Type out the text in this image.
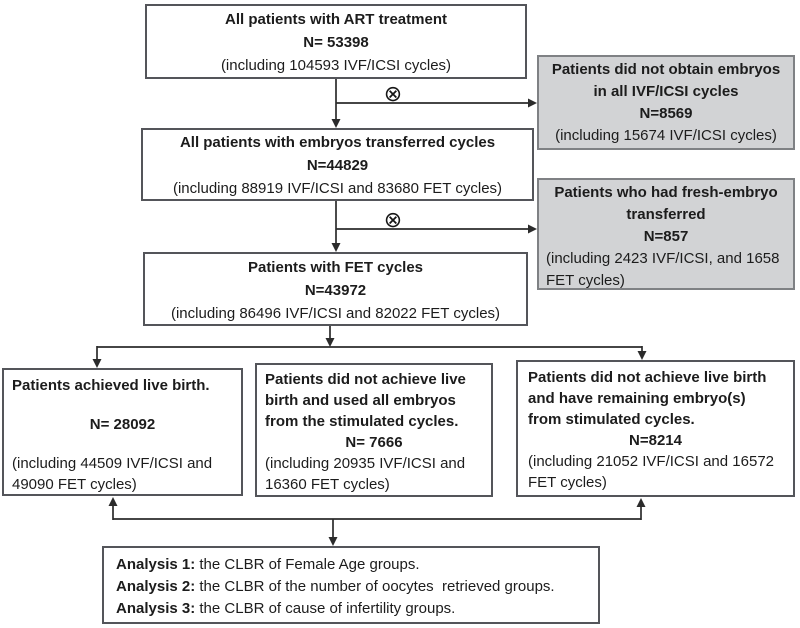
⊗
⊗
All patients with ART treatment
N= 53398
(including 104593 IVF/ICSI cycles)	Patients did not obtain embryos in all IVF/ICSI cycles
N=8569
(including 15674 IVF/ICSI cycles)
All patients with embryos transferred cycles
N=44829
(including 88919 IVF/ICSI and 83680 FET cycles)	Patients who had fresh-embryo transferred
N=857
(including 2423 IVF/ICSI, and 1658 FET cycles)
Patients with FET cycles
N=43972
(including 86496 IVF/ICSI and 82022 FET cycles)
Patients achieved live birth.
N= 28092
(including 44509 IVF/ICSI and 49090 FET cycles)
Patients did not achieve live birth and used all embryos from the stimulated cycles.
N= 7666
(including 20935 IVF/ICSI and 16360 FET cycles)
Patients did not achieve live birth and have remaining embryo(s) from stimulated cycles.
N=8214
(including 21052 IVF/ICSI and 16572 FET cycles)
Analysis 1: the CLBR of Female Age groups.
Analysis 2: the CLBR of the number of oocytes  retrieved groups.
Analysis 3: the CLBR of cause of infertility groups.
